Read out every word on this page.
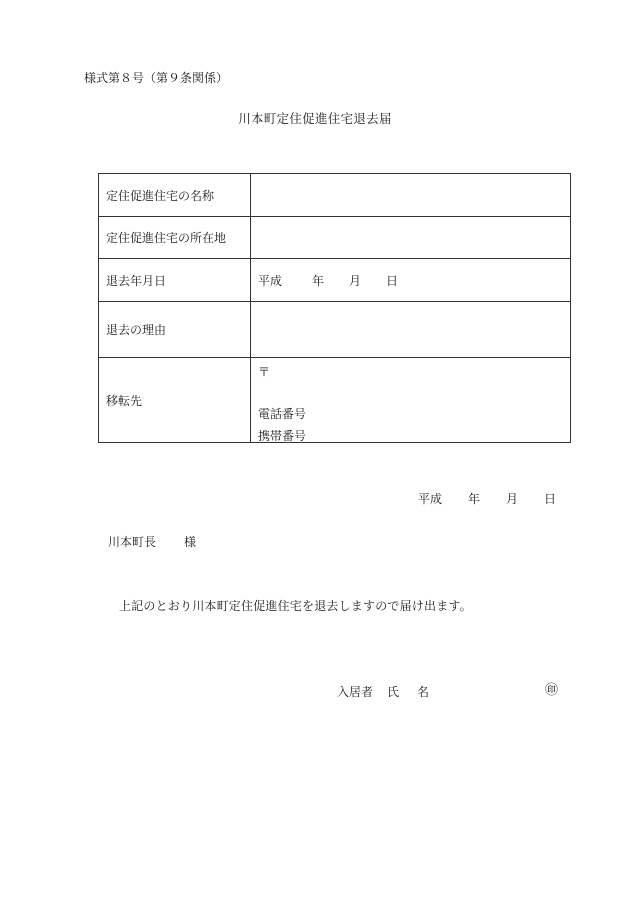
様式第８号（第９条関係）
川本町定住促進住宅退去届
定住促進住宅の名称	
定住促進住宅の所在地	
退去年月日	平成 年 月 日
退去の理由	
移転先	〒
電話番号
携帯番号
平成 年 月 日
川本町長 様
上記のとおり川本町定住促進住宅を退去しますので届け出ます。
入居者 氏 名	㊞
